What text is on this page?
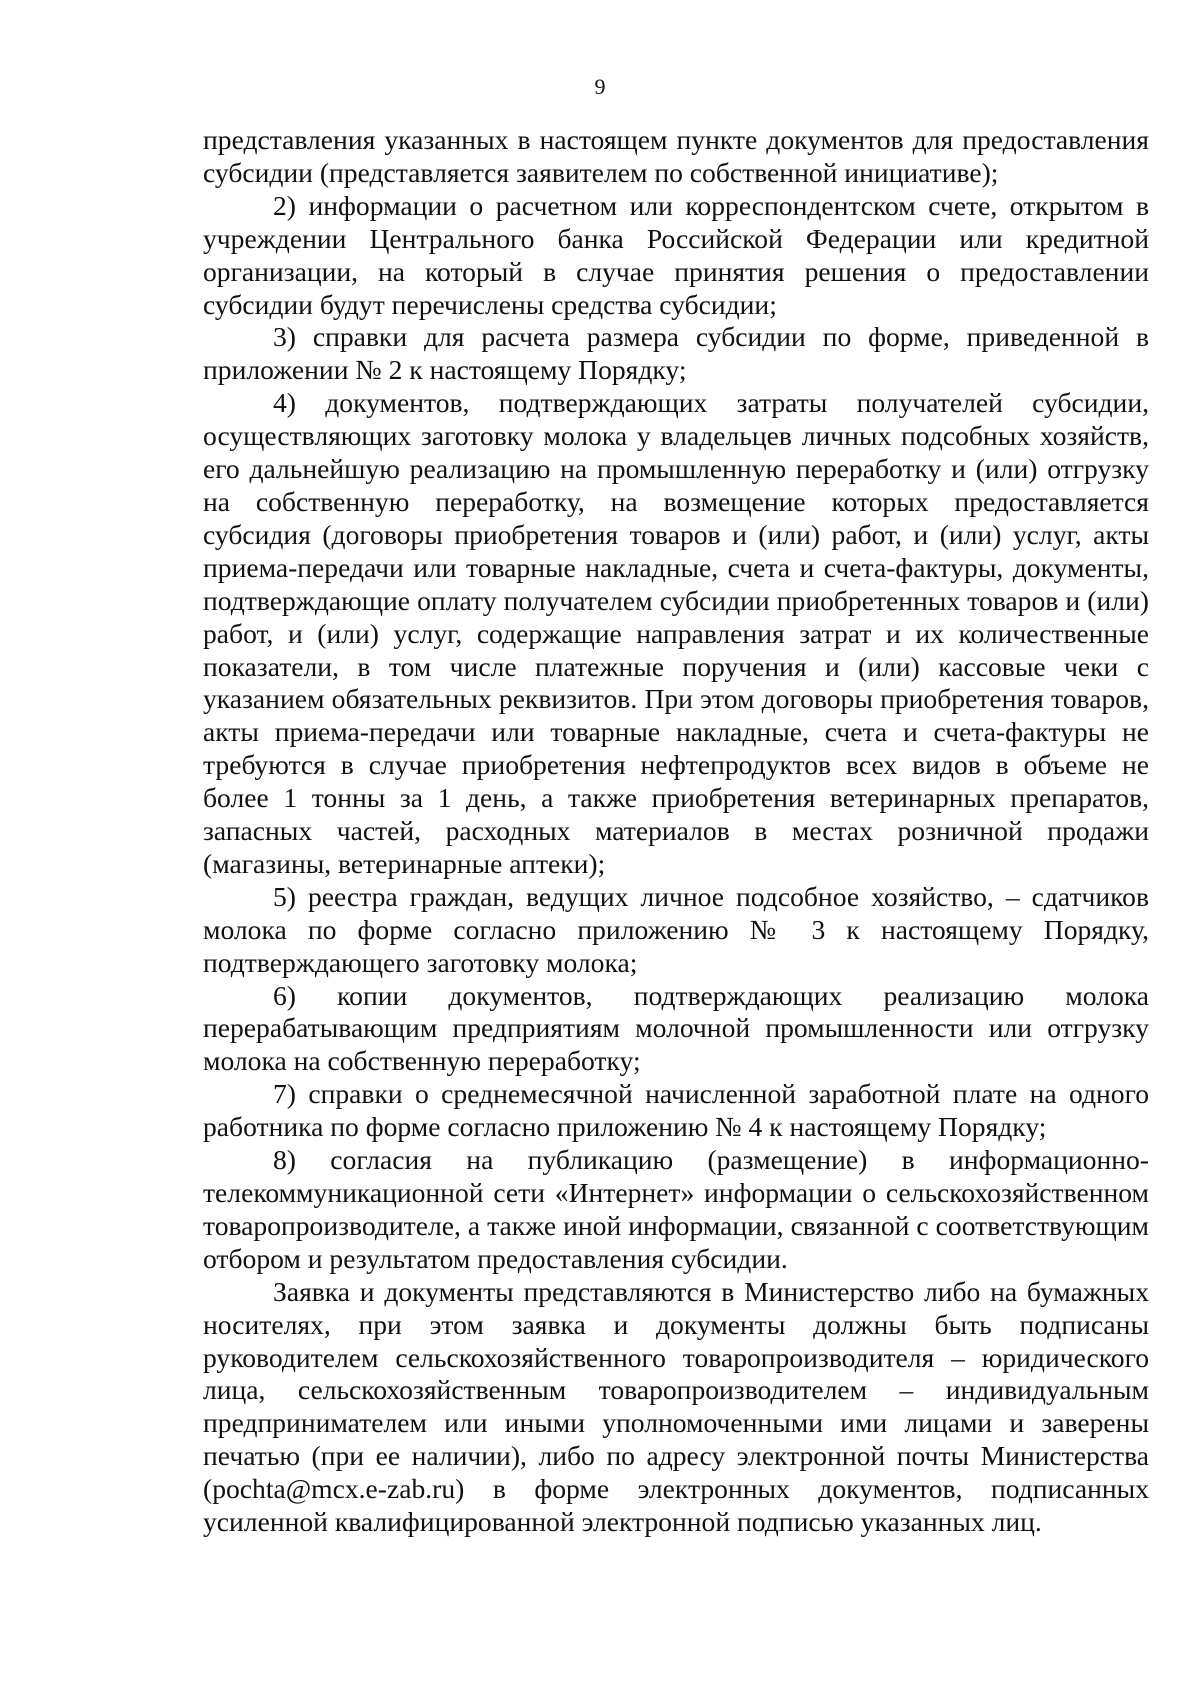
9

представления указанных в настоящем пункте документов для предоставления субсидии (представляется заявителем по собственной инициативе);

2) информации о расчетном или корреспондентском счете, открытом в учреждении Центрального банка Российской Федерации или кредитной организации, на который в случае принятия решения о предоставлении субсидии будут перечислены средства субсидии;

3) справки для расчета размера субсидии по форме, приведенной в приложении № 2 к настоящему Порядку;

4) документов, подтверждающих затраты получателей субсидии, осуществляющих заготовку молока у владельцев личных подсобных хозяйств, его дальнейшую реализацию на промышленную переработку и (или) отгрузку на собственную переработку, на возмещение которых предоставляется субсидия (договоры приобретения товаров и (или) работ, и (или) услуг, акты приема-передачи или товарные накладные, счета и счета-фактуры, документы, подтверждающие оплату получателем субсидии приобретенных товаров и (или) работ, и (или) услуг, содержащие направления затрат и их количественные показатели, в том числе платежные поручения и (или) кассовые чеки с указанием обязательных реквизитов. При этом договоры приобретения товаров, акты приема-передачи или товарные накладные, счета и счета-фактуры не требуются в случае приобретения нефтепродуктов всех видов в объеме не более 1 тонны за 1 день, а также приобретения ветеринарных препаратов, запасных частей, расходных материалов в местах розничной продажи (магазины, ветеринарные аптеки);

5) реестра граждан, ведущих личное подсобное хозяйство, – сдатчиков молока по форме согласно приложению № 3 к настоящему Порядку, подтверждающего заготовку молока;

6) копии документов, подтверждающих реализацию молока перерабатывающим предприятиям молочной промышленности или отгрузку молока на собственную переработку;

7) справки о среднемесячной начисленной заработной плате на одного работника по форме согласно приложению № 4 к настоящему Порядку;

8) согласия на публикацию (размещение) в информационно-телекоммуникационной сети «Интернет» информации о сельскохозяйственном товаропроизводителе, а также иной информации, связанной с соответствующим отбором и результатом предоставления субсидии.

Заявка и документы представляются в Министерство либо на бумажных носителях, при этом заявка и документы должны быть подписаны руководителем сельскохозяйственного товаропроизводителя – юридического лица, сельскохозяйственным товаропроизводителем – индивидуальным предпринимателем или иными уполномоченными ими лицами и заверены печатью (при ее наличии), либо по адресу электронной почты Министерства (pochta@mcx.e-zab.ru) в форме электронных документов, подписанных усиленной квалифицированной электронной подписью указанных лиц.
